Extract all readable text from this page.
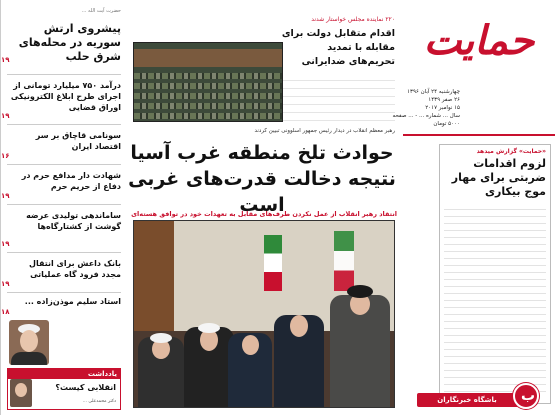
حمایت
چهارشنبه ۲۴ آبان ۱۳۹۶
۲۶ صفر ۱۴۳۹
۱۵ نوامبر ۲۰۱۷
سال ... شماره ... - ... صفحه
۵۰۰۰ تومان
«حمایت» گزارش میدهد
لزوم اقدامات ضربتی برای مهار موج بیکاری
باشگاه خبرنگاران	ب
۲۲۰ نماینده مجلس خواستار شدند
اقدام متقابل دولت برای مقابله با تمدید تحریم‌های ضدایرانی
رهبر معظم انقلاب در دیدار رئیس جمهور اسلوونی تبیین کردند
حوادث تلخ منطقه غرب آسیا
نتیجه دخالت قدرت‌های غربی است
انتقاد رهبر انقلاب از عمل نکردن طرف‌های مقابل به تعهدات خود در توافق هسته‌ای
حضرت آیت الله ...
پیشروی ارتش سوریه در محله‌های شرق حلب
۱۹
درآمد ۷۵۰ میلیارد تومانی از اجرای طرح ابلاغ الکترونیکی اوراق قضایی
۱۹
سونامی قاچاق بر سر اقتصاد ایران
۱۶
شهادت دار مدافع حرم در دفاع از حریم حرم
۱۹
ساماندهی تولیدی عرضه گوشت از کشتارگاه‌ها
۱۹
بانک داعش برای انتقال مجدد فرود گاه عملیاتی
۱۹
استاد سلیم موذن‌زاده ...
۱۸
یادداشت
انقلابی کیست؟
دکتر محمدعلی ...
